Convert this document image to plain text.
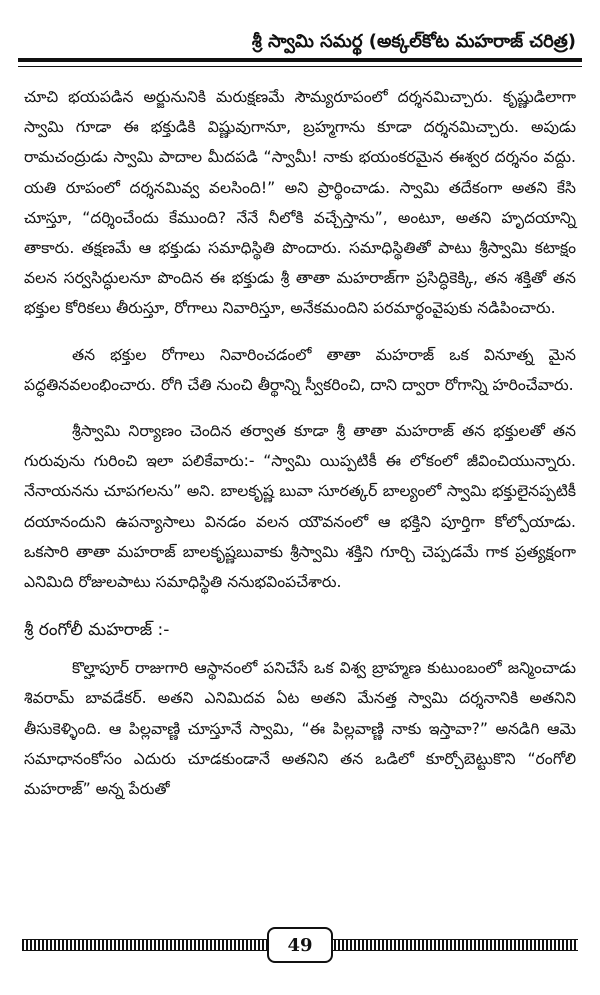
శ్రీ స్వామి సమర్థ (అక్కల్‌కోట మహరాజ్ చరిత్ర)

చూచి భయపడిన అర్జునునికి మరుక్షణమే సౌమ్యరూపంలో దర్శనమిచ్చారు. కృష్ణుడిలాగా స్వామి గూడా ఈ భక్తుడికి విష్ణువుగానూ, బ్రహ్మగాను కూడా దర్శనమిచ్చారు. అపుడు రామచంద్రుడు స్వామి పాదాల మీదపడి “స్వామీ! నాకు భయంకరమైన ఈశ్వర దర్శనం వద్దు. యతి రూపంలో దర్శనమివ్వ వలసింది!” అని ప్రార్థించాడు. స్వామి తదేకంగా అతని కేసి చూస్తూ, “దర్శించేందు కేముంది? నేనే నీలోకి వచ్చేస్తాను”, అంటూ, అతని హృదయాన్ని తాకారు. తక్షణమే ఆ భక్తుడు సమాధిస్థితి పొందారు. సమాధిస్థితితో పాటు శ్రీస్వామి కటాక్షం వలన సర్వసిద్ధులనూ పొందిన ఈ భక్తుడు శ్రీ తాతా మహరాజ్‌గా ప్రసిద్ధికెక్కి, తన శక్తితో తన భక్తుల కోరికలు తీరుస్తూ, రోగాలు నివారిస్తూ, అనేకమందిని పరమార్థంవైపుకు నడిపించారు.

తన భక్తుల రోగాలు నివారించడంలో తాతా మహరాజ్ ఒక వినూత్న మైన పద్ధతినవలంభించారు. రోగి చేతి నుంచి తీర్థాన్ని స్వీకరించి, దాని ద్వారా రోగాన్ని హరించేవారు.

శ్రీస్వామి నిర్యాణం చెందిన తర్వాత కూడా శ్రీ తాతా మహరాజ్ తన భక్తులతో తన గురువును గురించి ఇలా పలికేవారు:- “స్వామి యిప్పటికీ ఈ లోకంలో జీవించియున్నారు. నేనాయనను చూపగలను” అని. బాలకృష్ణ బువా సూరత్కర్ బాల్యంలో స్వామి భక్తులైనప్పటికీ దయానందుని ఉపన్యాసాలు వినడం వలన యౌవనంలో ఆ భక్తిని పూర్తిగా కోల్పోయాడు. ఒకసారి తాతా మహరాజ్ బాలకృష్ణబువాకు శ్రీస్వామి శక్తిని గూర్చి చెప్పడమే గాక ప్రత్యక్షంగా ఎనిమిది రోజులపాటు సమాధిస్థితి ననుభవింపచేశారు.

శ్రీ రంగోలీ మహరాజ్ :-

కొల్హాపూర్ రాజుగారి ఆస్థానంలో పనిచేసే ఒక విశ్వ బ్రాహ్మణ కుటుంబంలో జన్మించాడు శివరామ్ బావడేకర్. అతని ఎనిమిదవ ఏట అతని మేనత్త స్వామి దర్శనానికి అతనిని తీసుకెళ్ళింది. ఆ పిల్లవాణ్ణి చూస్తూనే స్వామి, “ఈ పిల్లవాణ్ణి నాకు ఇస్తావా?” అనడిగి ఆమె సమాధానంకోసం ఎదురు చూడకుండానే అతనిని తన ఒడిలో కూర్చోబెట్టుకొని “రంగోలి మహరాజ్” అన్న పేరుతో

49
